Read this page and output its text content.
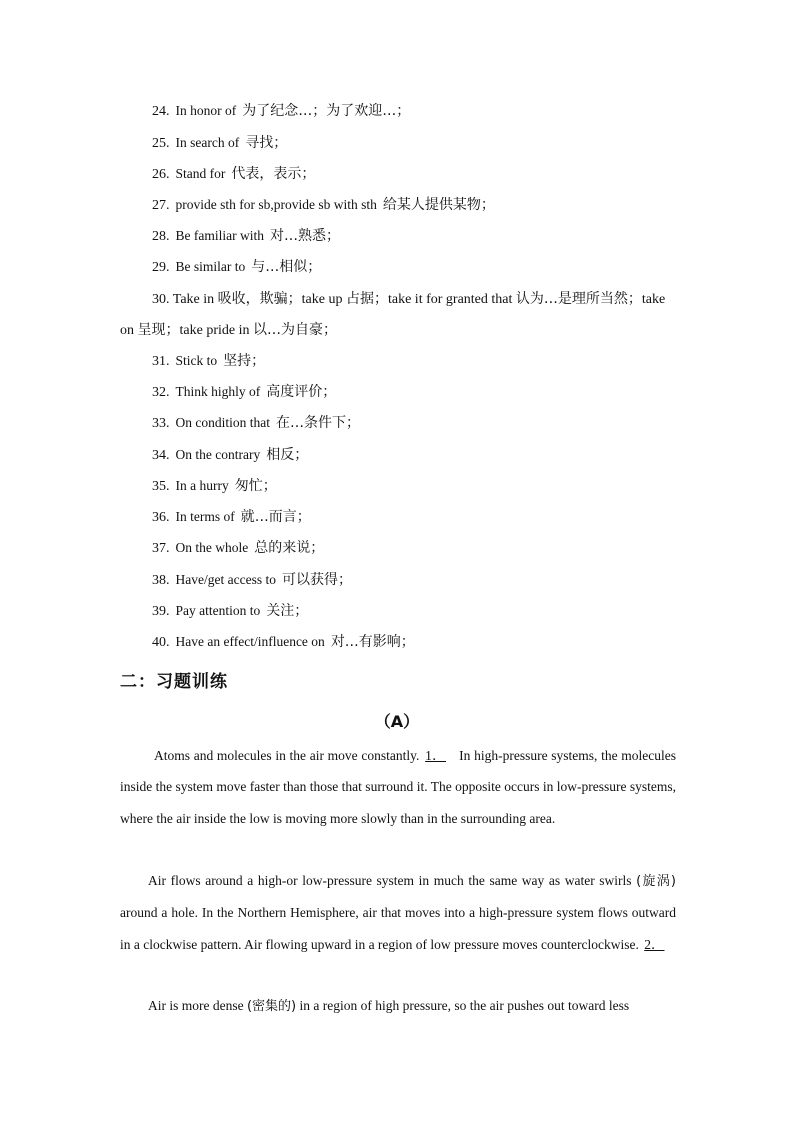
24. In honor of 为了纪念…；为了欢迎…；
25. In search of 寻找；
26. Stand for 代表，表示；
27. provide sth for sb,provide sb with sth 给某人提供某物；
28. Be familiar with 对…熟悉；
29. Be similar to 与…相似；
30. Take in 吸收，欺骗；take up 占据；take it for granted that 认为…是理所当然；take on 呈现；take pride in 以…为自豪；
31. Stick to 坚持；
32. Think highly of 高度评价；
33. On condition that 在…条件下；
34. On the contrary 相反；
35. In a hurry 匆忙；
36. In terms of 就…而言；
37. On the whole 总的来说；
38. Have/get access to 可以获得；
39. Pay attention to 关注；
40. Have an effect/influence on 对…有影响；
二：习题训练
（A）
Atoms and molecules in the air move constantly. 1． In high-pressure systems, the molecules inside the system move faster than those that surround it. The opposite occurs in low-pressure systems, where the air inside the low is moving more slowly than in the surrounding area.
Air flows around a high-or low-pressure system in much the same way as water swirls (旋涡) around a hole. In the Northern Hemisphere, air that moves into a high-pressure system flows outward in a clockwise pattern. Air flowing upward in a region of low pressure moves counterclockwise. 2．
Air is more dense (密集的) in a region of high pressure, so the air pushes out toward less
